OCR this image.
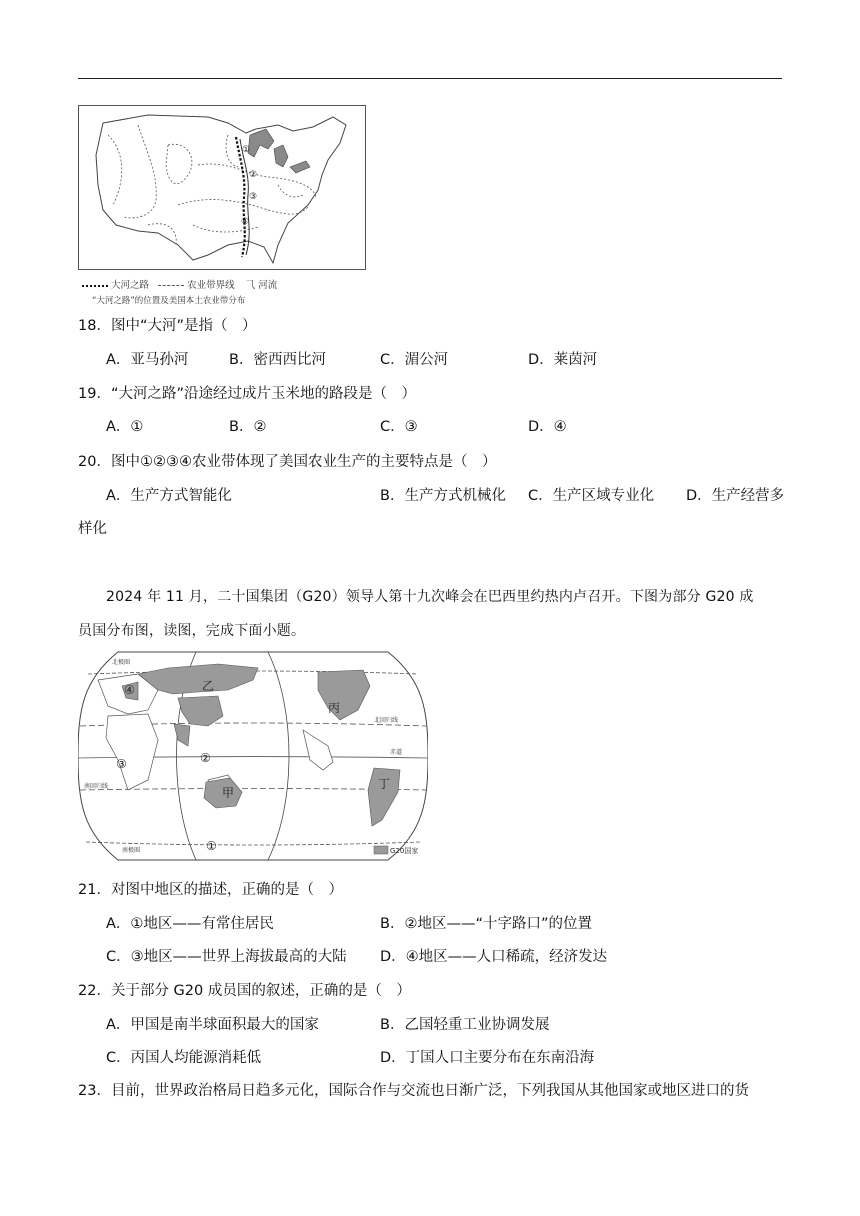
①
②
③
④
大河之路	农业带界线 ⺄ 河流
“大河之路”的位置及美国本土农业带分布
18．图中“大河”是指（　）
A．亚马孙河	B．密西西比河	C．湄公河	D．莱茵河
19．“大河之路”沿途经过成片玉米地的路段是（　）
A．①	B．②	C．③	D．④
20．图中①②③④农业带体现了美国农业生产的主要特点是（　）
A．生产方式智能化	B．生产方式机械化 C．生产区域专业化 D．生产经营多
样化
2024 年 11 月，二十国集团（G20）领导人第十九次峰会在巴西里约热内卢召开。下图为部分 G20 成
员国分布图，读图，完成下面小题。
乙
丙
甲
丁
①
②
③
④
北极圈
北回归线
赤道
南回归线
南极圈	G20国家
21．对图中地区的描述，正确的是（　）
A．①地区——有常住居民	B．②地区——“十字路口”的位置
C．③地区——世界上海拔最高的大陆 D．④地区——人口稀疏，经济发达
22．关于部分 G20 成员国的叙述，正确的是（　）
A．甲国是南半球面积最大的国家	B．乙国轻重工业协调发展
C．丙国人均能源消耗低	D．丁国人口主要分布在东南沿海
23．目前，世界政治格局日趋多元化，国际合作与交流也日渐广泛，下列我国从其他国家或地区进口的货
